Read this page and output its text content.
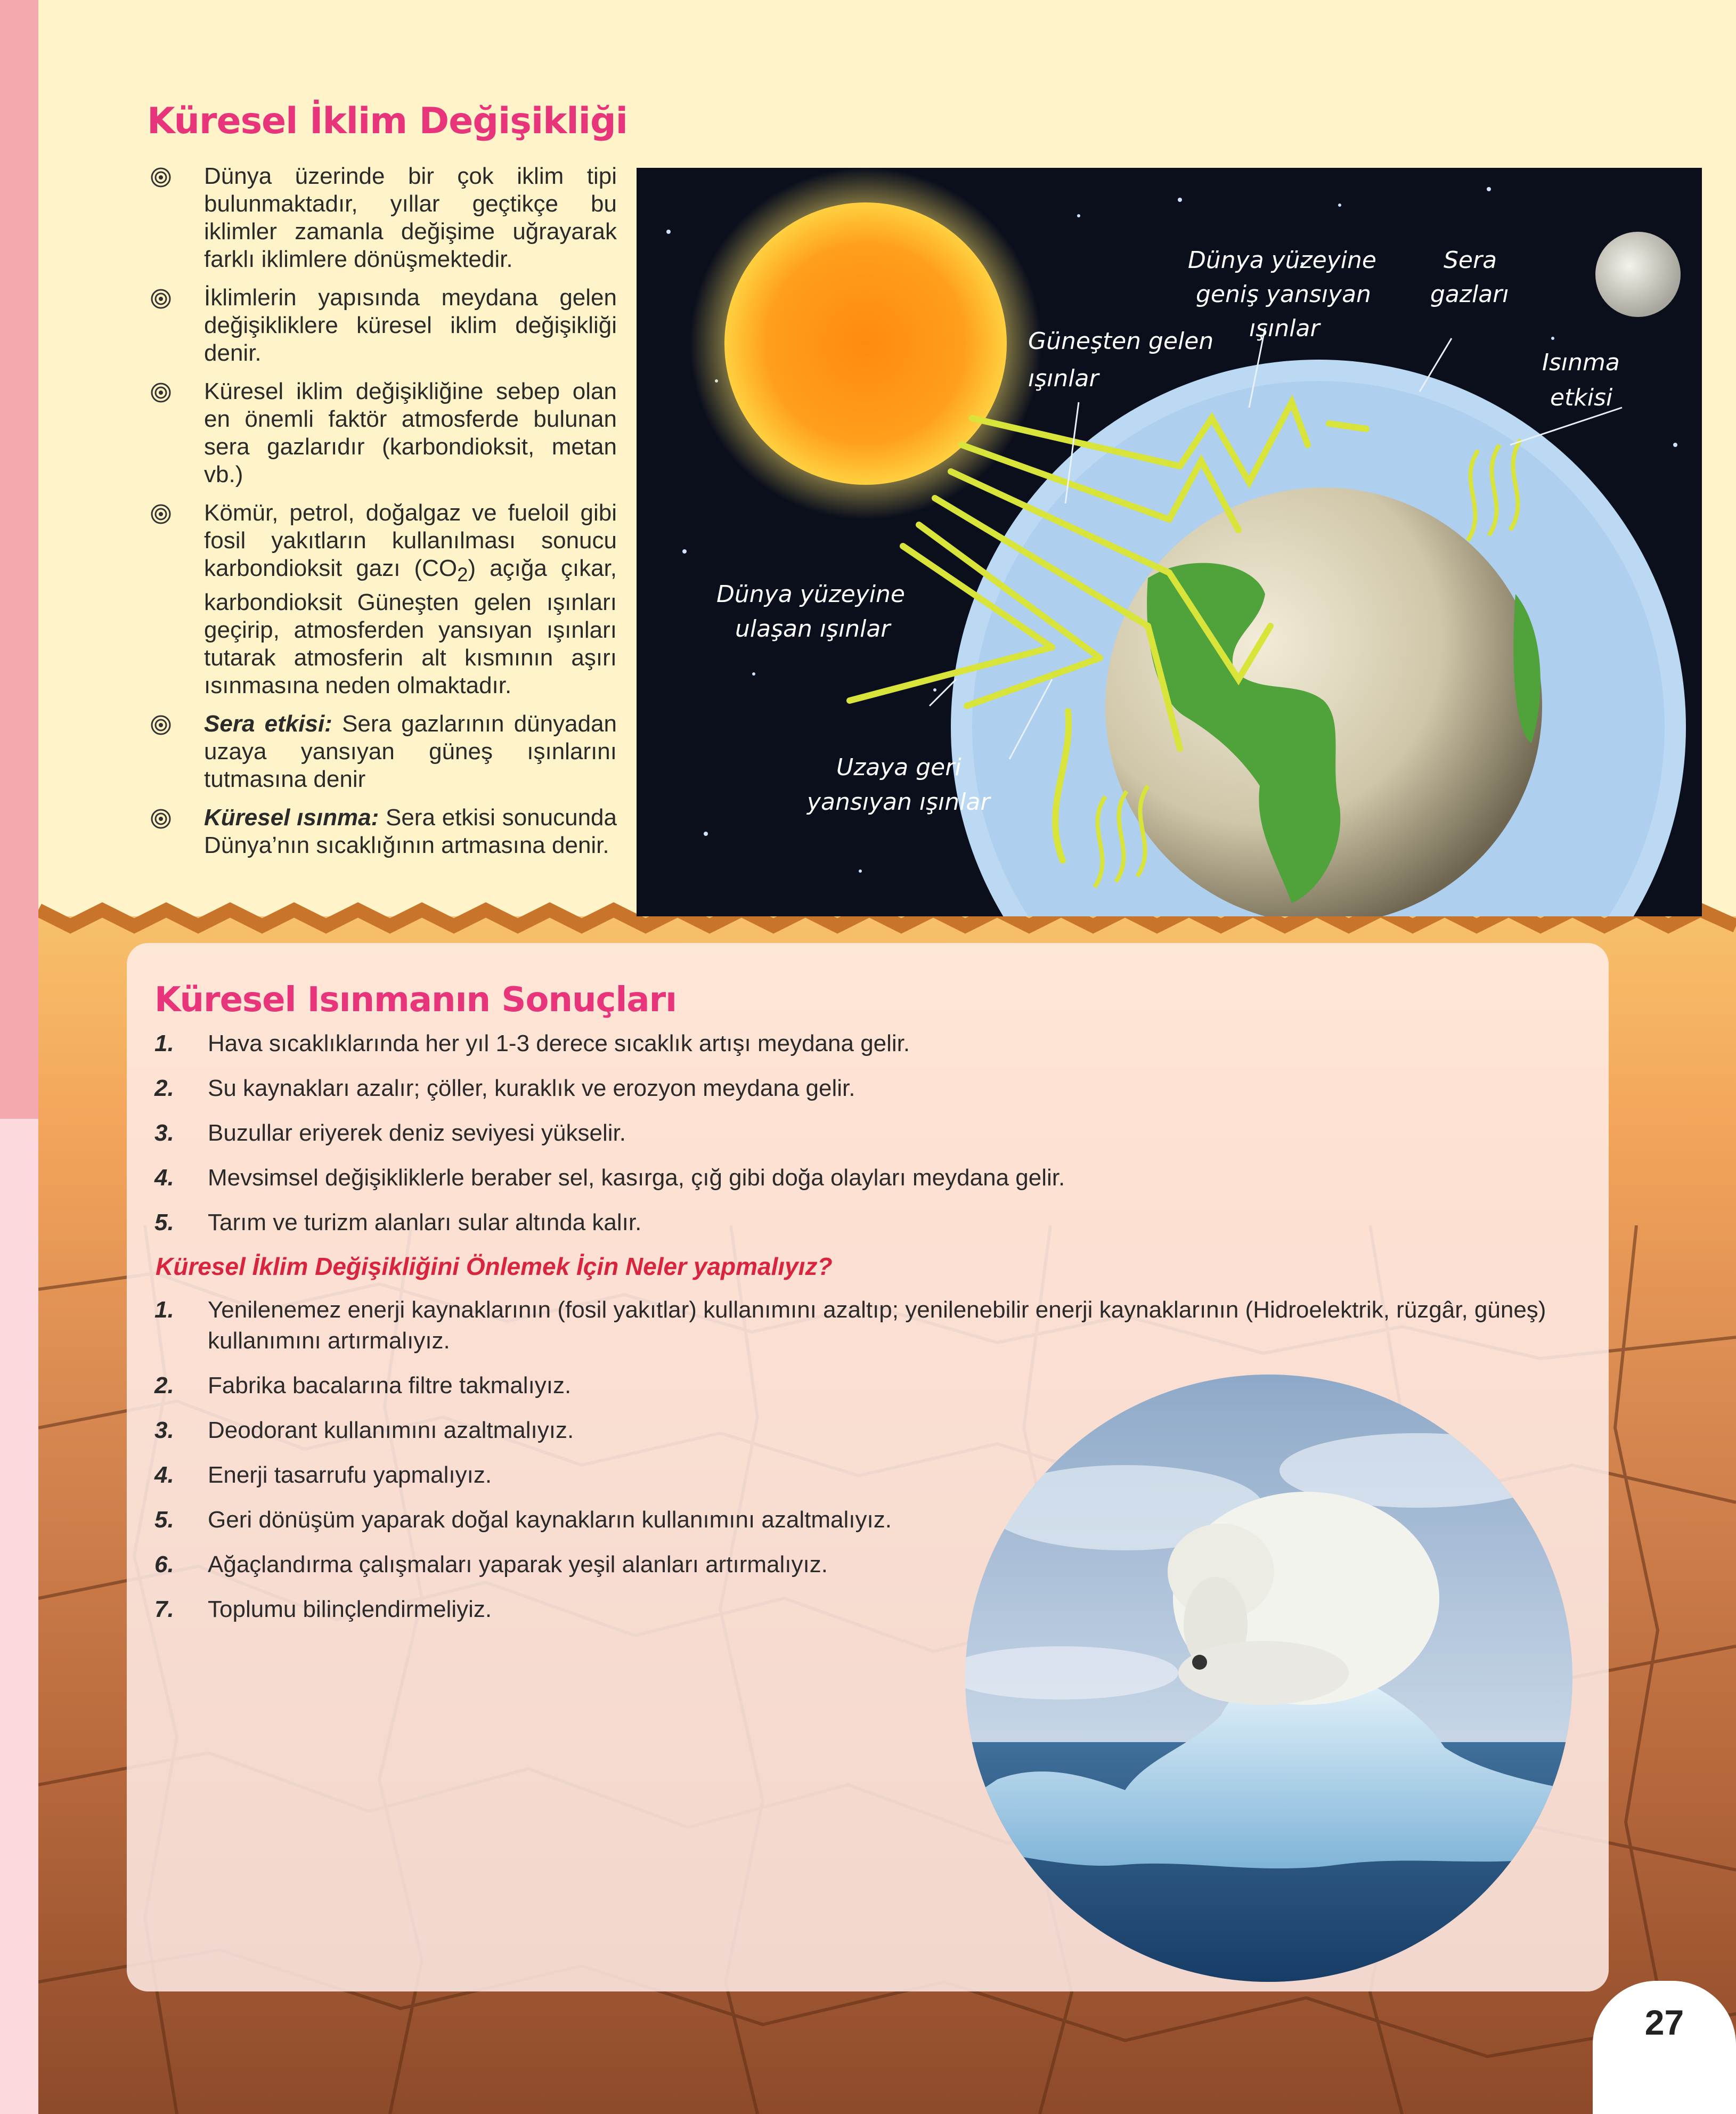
Küresel İklim Değişikliği
Dünya üzerinde bir çok iklim tipi bulunmaktadır, yıllar geçtikçe bu iklimler zamanla değişime uğrayarak farklı iklimlere dönüşmektedir.
İklimlerin yapısında meydana gelen değişikliklere küresel iklim değişikliği denir.
Küresel iklim değişikliğine sebep olan en önemli faktör atmosferde bulunan sera gazlarıdır (karbondioksit, metan vb.)
Kömür, petrol, doğalgaz ve fueloil gibi fosil yakıtların kullanılması sonucu karbondioksit gazı $(CO_2)$ açığa çıkar, karbondioksit Güneşten gelen ışınları geçirip, atmosferden yansıyan ışınları tutarak atmosferin alt kısmının aşırı ısınmasına neden olmaktadır.
Sera etkisi: Sera gazlarının dünyadan uzaya yansıyan güneş ışınlarını tutmasına denir
Küresel ısınma: Sera etkisi sonucunda Dünya’nın sıcaklığının artmasına denir.
Güneşten gelen
ışınlar
Dünya yüzeyine
geniş yansıyan
ışınlar
Sera
gazları
Isınma
etkisi
Dünya yüzeyine
ulaşan ışınlar
Uzaya geri
yansıyan ışınlar
Küresel Isınmanın Sonuçları
1. Hava sıcaklıklarında her yıl 1-3 derece sıcaklık artışı meydana gelir.
2. Su kaynakları azalır; çöller, kuraklık ve erozyon meydana gelir.
3. Buzullar eriyerek deniz seviyesi yükselir.
4. Mevsimsel değişikliklerle beraber sel, kasırga, çığ gibi doğa olayları meydana gelir.
5. Tarım ve turizm alanları sular altında kalır.
Küresel İklim Değişikliğini Önlemek İçin Neler yapmalıyız?
1. Yenilenemez enerji kaynaklarının (fosil yakıtlar) kullanımını azaltıp; yenilenebilir enerji kaynaklarının (Hidroelektrik, rüzgâr, güneş) kullanımını artırmalıyız.
2. Fabrika bacalarına filtre takmalıyız.
3. Deodorant kullanımını azaltmalıyız.
4. Enerji tasarrufu yapmalıyız.
5. Geri dönüşüm yaparak doğal kaynakların kullanımını azaltmalıyız.
6. Ağaçlandırma çalışmaları yaparak yeşil alanları artırmalıyız.
7. Toplumu bilinçlendirmeliyiz.
27
